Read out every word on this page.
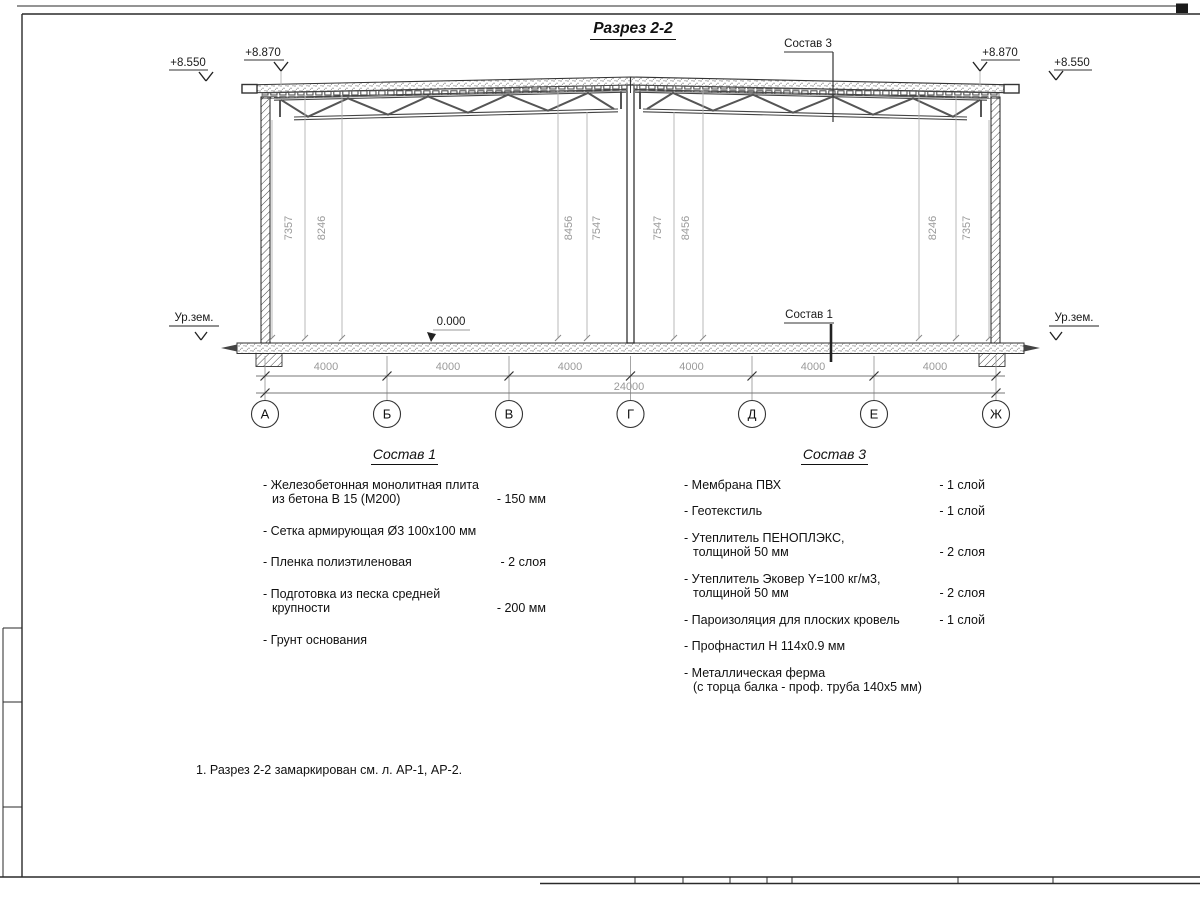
7357 8246	8456 7547	7547 8456	8246 7357
+8.550
+8.870	+8.870
+8.550
Ур.зем.	Ур.зем.
0.000
Состав 3
Состав 1
4000	4000	4000	4000	4000	4000
24000
А	Б	В	Г	Д	Е	Ж
Разрез 2-2
Состав 1
- Железобетонная монолитная плита
из бетона В 15 (М200)	- 150 мм
- Сетка армирующая Ø3 100х100 мм
- Пленка полиэтиленовая	- 2 слоя
- Подготовка из песка средней
крупности	- 200 мм
- Грунт основания
Состав 3
- Мембрана ПВХ	- 1 слой
- Геотекстиль	- 1 слой
- Утеплитель ПЕНОПЛЭКС,
толщиной 50 мм	- 2 слоя
- Утеплитель Эковер Y=100 кг/м3,
толщиной 50 мм	- 2 слоя
- Пароизоляция для плоских кровель	- 1 слой
- Профнастил Н 114х0.9 мм
- Металлическая ферма
(с торца балка - проф. труба 140х5 мм)
1. Разрез 2-2 замаркирован см. л. АР-1, АР-2.
